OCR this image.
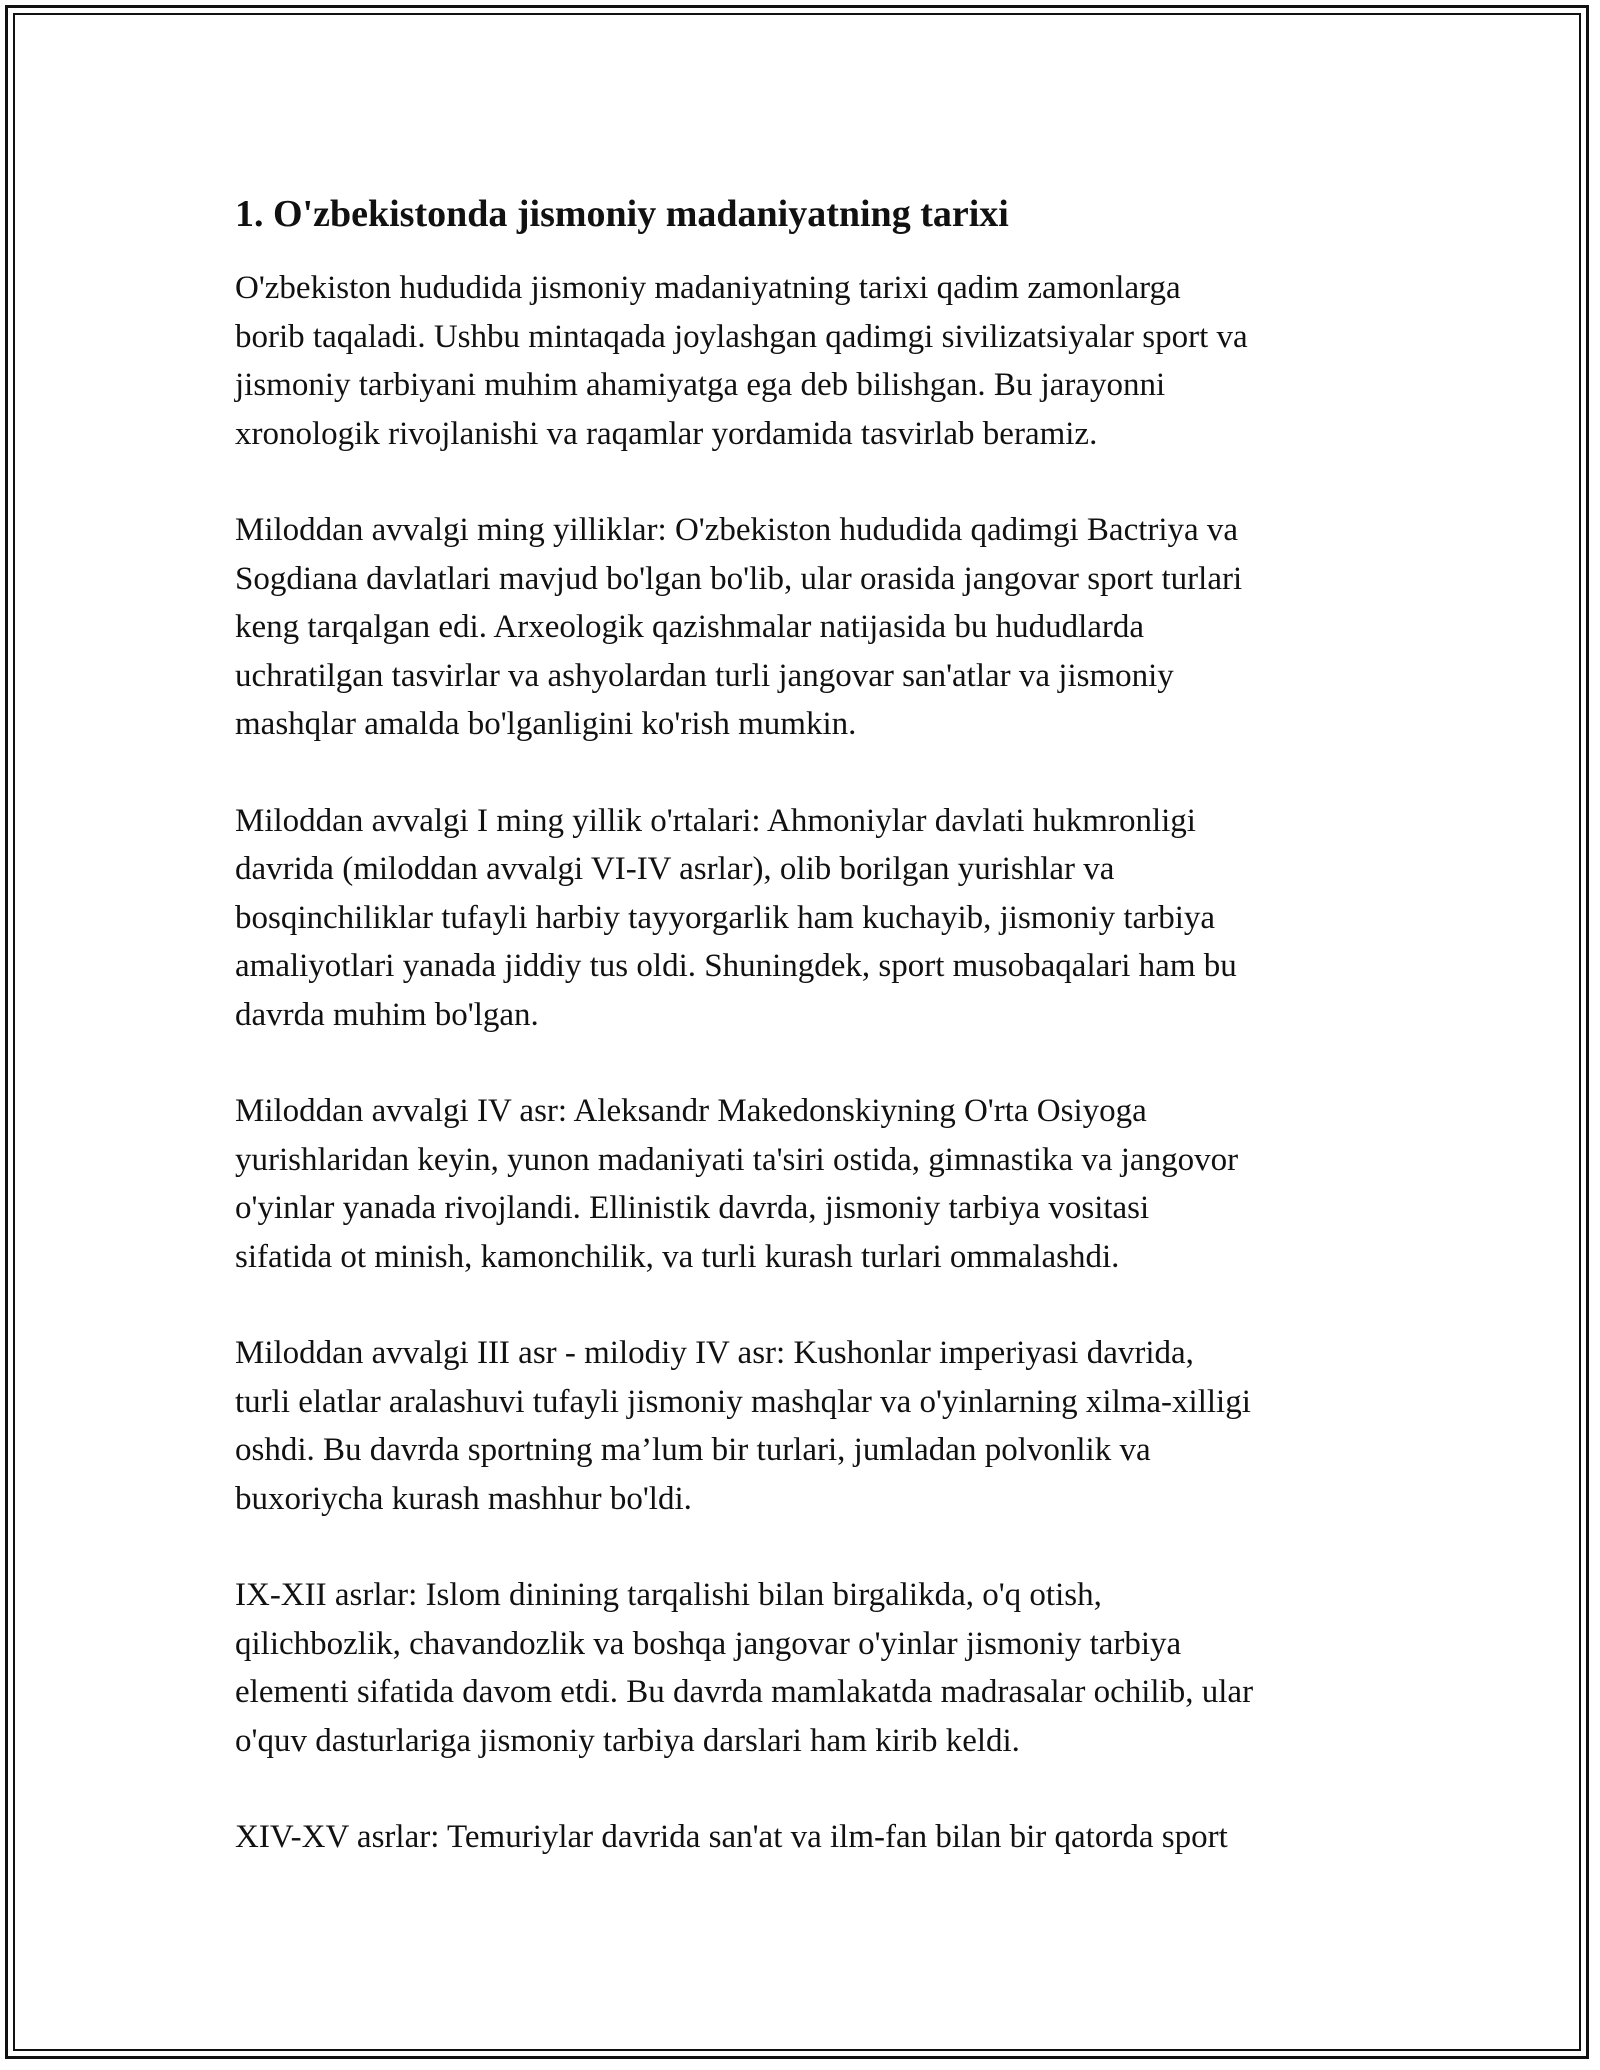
1. O'zbekistonda jismoniy madaniyatning tarixi

O'zbekiston hududida jismoniy madaniyatning tarixi qadim zamonlarga
borib taqaladi. Ushbu mintaqada joylashgan qadimgi sivilizatsiyalar sport va
jismoniy tarbiyani muhim ahamiyatga ega deb bilishgan. Bu jarayonni
xronologik rivojlanishi va raqamlar yordamida tasvirlab beramiz.

Miloddan avvalgi ming yilliklar: O'zbekiston hududida qadimgi Bactriya va
Sogdiana davlatlari mavjud bo'lgan bo'lib, ular orasida jangovar sport turlari
keng tarqalgan edi. Arxeologik qazishmalar natijasida bu hududlarda
uchratilgan tasvirlar va ashyolardan turli jangovar san'atlar va jismoniy
mashqlar amalda bo'lganligini ko'rish mumkin.

Miloddan avvalgi I ming yillik o'rtalari: Ahmoniylar davlati hukmronligi
davrida (miloddan avvalgi VI-IV asrlar), olib borilgan yurishlar va
bosqinchiliklar tufayli harbiy tayyorgarlik ham kuchayib, jismoniy tarbiya
amaliyotlari yanada jiddiy tus oldi. Shuningdek, sport musobaqalari ham bu
davrda muhim bo'lgan.

Miloddan avvalgi IV asr: Aleksandr Makedonskiyning O'rta Osiyoga
yurishlaridan keyin, yunon madaniyati ta'siri ostida, gimnastika va jangovor
o'yinlar yanada rivojlandi. Ellinistik davrda, jismoniy tarbiya vositasi
sifatida ot minish, kamonchilik, va turli kurash turlari ommalashdi.

Miloddan avvalgi III asr - milodiy IV asr: Kushonlar imperiyasi davrida,
turli elatlar aralashuvi tufayli jismoniy mashqlar va o'yinlarning xilma-xilligi
oshdi. Bu davrda sportning ma’lum bir turlari, jumladan polvonlik va
buxoriycha kurash mashhur bo'ldi.

IX-XII asrlar: Islom dinining tarqalishi bilan birgalikda, o'q otish,
qilichbozlik, chavandozlik va boshqa jangovar o'yinlar jismoniy tarbiya
elementi sifatida davom etdi. Bu davrda mamlakatda madrasalar ochilib, ular
o'quv dasturlariga jismoniy tarbiya darslari ham kirib keldi.

XIV-XV asrlar: Temuriylar davrida san'at va ilm-fan bilan bir qatorda sport
